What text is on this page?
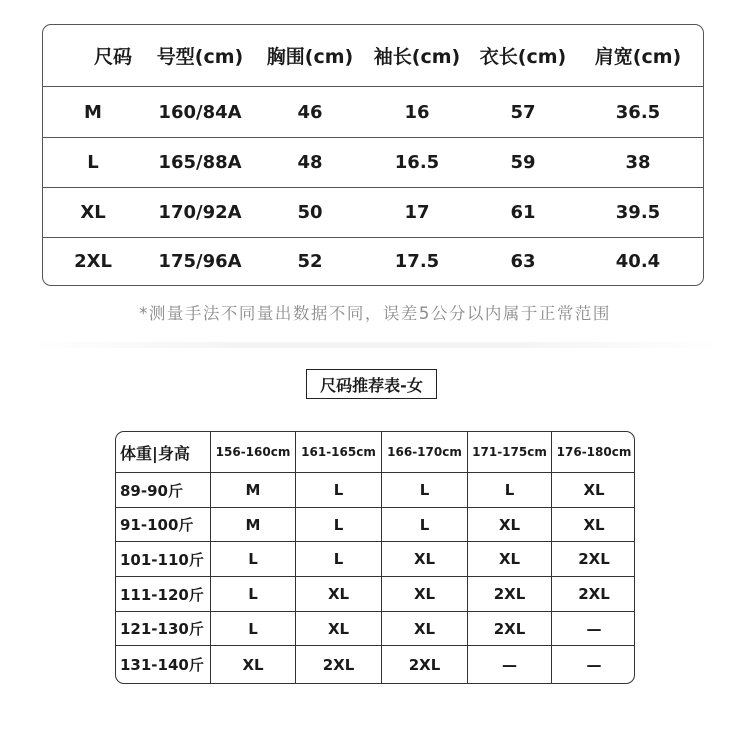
尺码	号型(cm)	胸围(cm)	袖长(cm)	衣长(cm)	肩宽(cm)
M	160/84A	46	16	57	36.5
L	165/88A	48	16.5	59	38
XL	170/92A	50	17	61	39.5
2XL	175/96A	52	17.5	63	40.4
*测量手法不同量出数据不同，误差5公分以内属于正常范围
尺码推荐表-女
体重|身高	156-160cm 161-165cm 166-170cm 171-175cm 176-180cm
89-90斤	M	L	L	L	XL
91-100斤	M	L	L	XL	XL
101-110斤	L	L	XL	XL	2XL
111-120斤	L	XL	XL	2XL	2XL
121-130斤	L	XL	XL	2XL	—
131-140斤	XL	2XL	2XL	—	—
